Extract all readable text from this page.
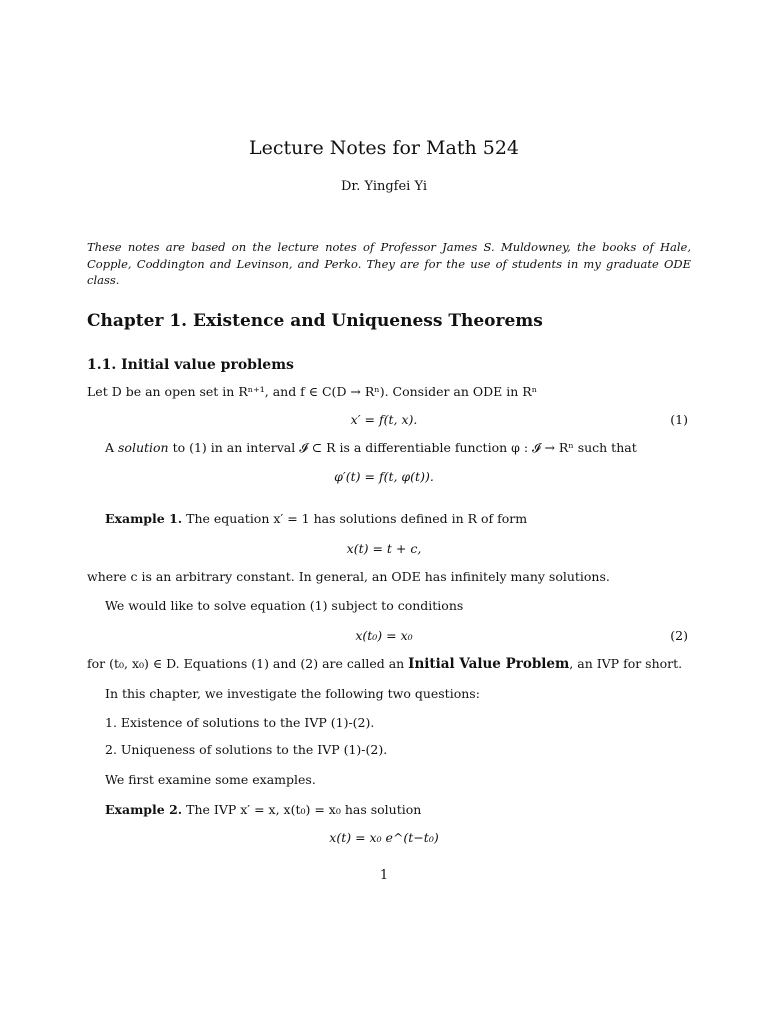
Lecture Notes for Math 524
Dr. Yingfei Yi
These notes are based on the lecture notes of Professor James S. Muldowney, the books of Hale, Copple, Coddington and Levinson, and Perko. They are for the use of students in my graduate ODE class.
Chapter 1. Existence and Uniqueness Theorems
1.1. Initial value problems
Let D be an open set in Rⁿ⁺¹, and f ∈ C(D → Rⁿ). Consider an ODE in Rⁿ
x′ = f(t, x).	(1)
A solution to (1) in an interval 𝓘 ⊂ R is a differentiable function φ : 𝓘 → Rⁿ such that
φ′(t) = f(t, φ(t)).
Example 1. The equation x′ = 1 has solutions defined in R of form
x(t) = t + c,
where c is an arbitrary constant. In general, an ODE has infinitely many solutions.
We would like to solve equation (1) subject to conditions
x(t₀) = x₀	(2)
for (t₀, x₀) ∈ D. Equations (1) and (2) are called an Initial Value Problem, an IVP for short.
In this chapter, we investigate the following two questions:
1. Existence of solutions to the IVP (1)-(2).
2. Uniqueness of solutions to the IVP (1)-(2).
We first examine some examples.
Example 2. The IVP x′ = x, x(t₀) = x₀ has solution
x(t) = x₀ e^(t−t₀)
1
